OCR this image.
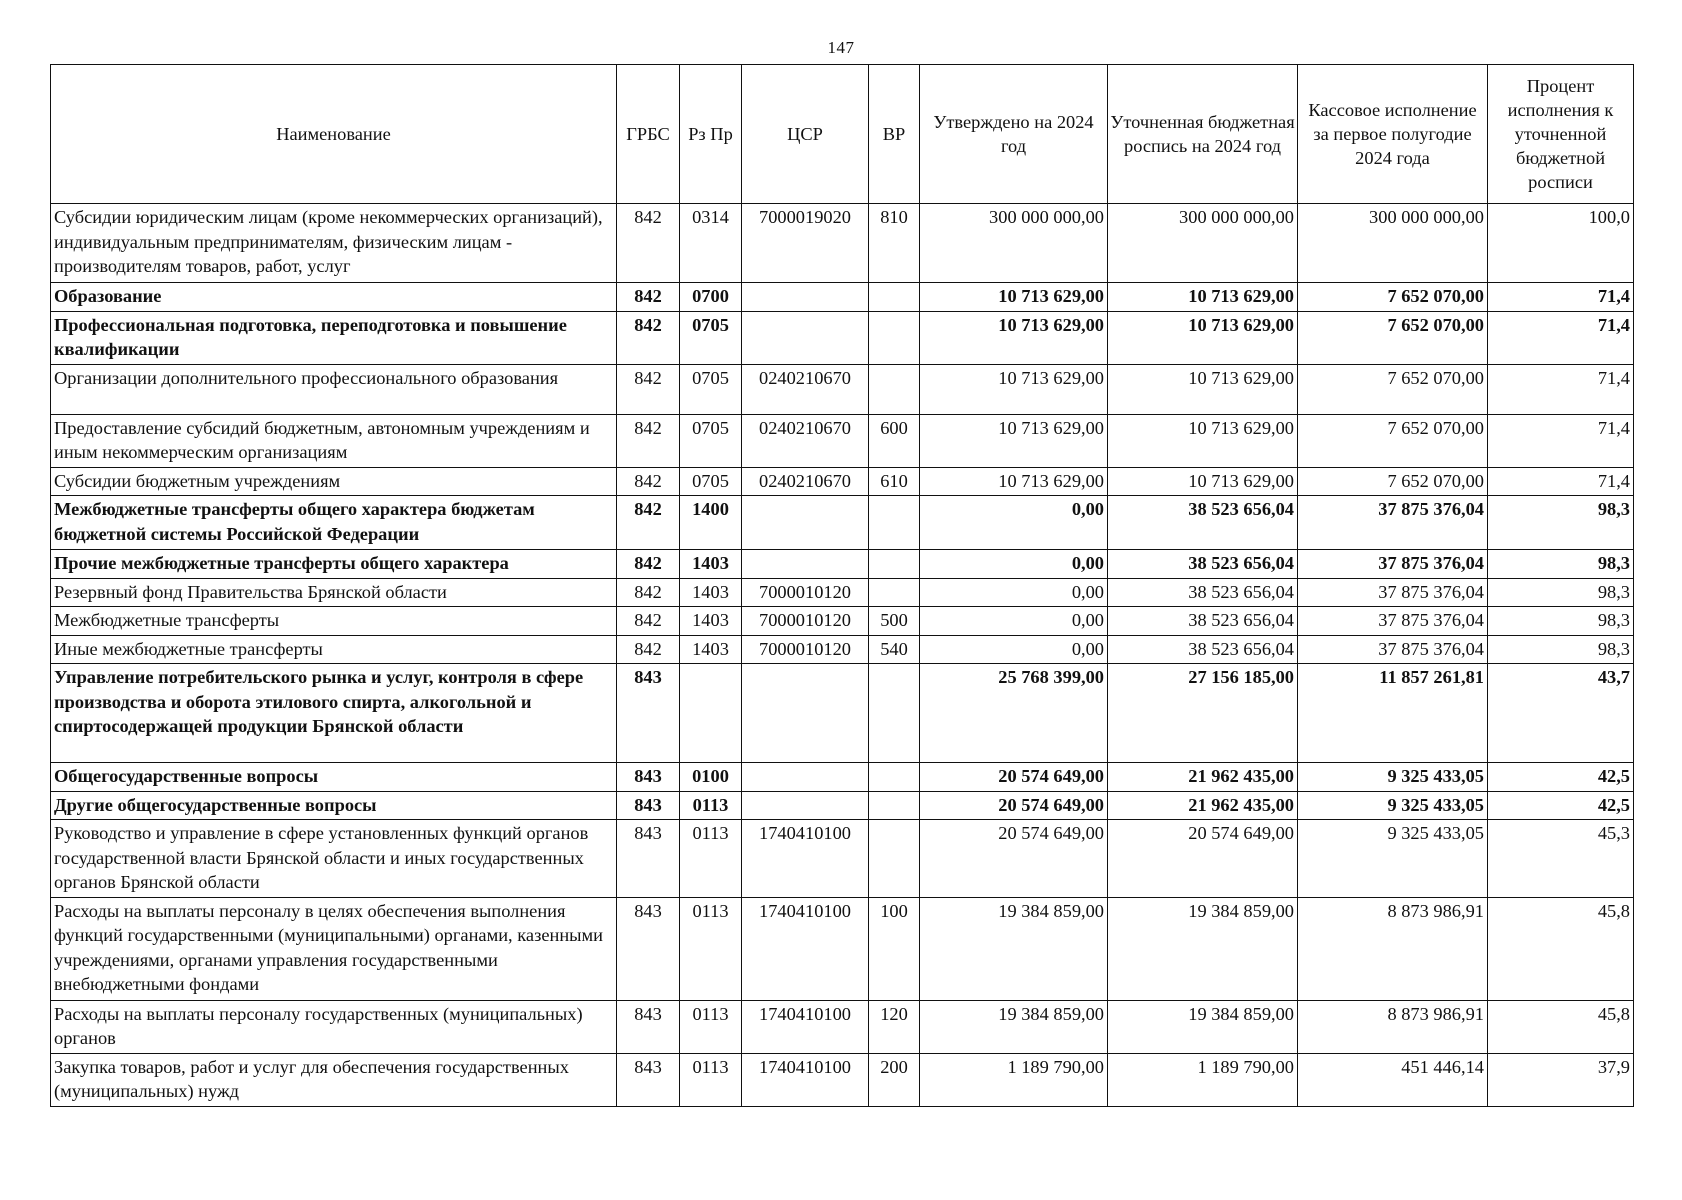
147
Наименование	ГРБС	Рз Пр	ЦСР	ВР	Утверждено на 2024 год	Уточненная бюджетная роспись на 2024 год	Кассовое исполнение за первое полугодие 2024 года	Процент исполнения к уточненной бюджетной росписи
Субсидии юридическим лицам (кроме некоммерческих организаций), индивидуальным предпринимателям, физическим лицам - производителям товаров, работ, услуг	842	0314	7000019020	810	300 000 000,00	300 000 000,00	300 000 000,00	100,0
Образование	842	0700			10 713 629,00	10 713 629,00	7 652 070,00	71,4
Профессиональная подготовка, переподготовка и повышение квалификации	842	0705			10 713 629,00	10 713 629,00	7 652 070,00	71,4
Организации дополнительного профессионального образования	842	0705	0240210670		10 713 629,00	10 713 629,00	7 652 070,00	71,4
Предоставление субсидий бюджетным, автономным учреждениям и иным некоммерческим организациям	842	0705	0240210670	600	10 713 629,00	10 713 629,00	7 652 070,00	71,4
Субсидии бюджетным учреждениям	842	0705	0240210670	610	10 713 629,00	10 713 629,00	7 652 070,00	71,4
Межбюджетные трансферты общего характера бюджетам бюджетной системы Российской Федерации	842	1400			0,00	38 523 656,04	37 875 376,04	98,3
Прочие межбюджетные трансферты общего характера	842	1403			0,00	38 523 656,04	37 875 376,04	98,3
Резервный фонд Правительства Брянской области	842	1403	7000010120		0,00	38 523 656,04	37 875 376,04	98,3
Межбюджетные трансферты	842	1403	7000010120	500	0,00	38 523 656,04	37 875 376,04	98,3
Иные межбюджетные трансферты	842	1403	7000010120	540	0,00	38 523 656,04	37 875 376,04	98,3
Управление потребительского рынка и услуг, контроля в сфере производства и оборота этилового спирта, алкогольной и спиртосодержащей продукции Брянской области	843				25 768 399,00	27 156 185,00	11 857 261,81	43,7
Общегосударственные вопросы	843	0100			20 574 649,00	21 962 435,00	9 325 433,05	42,5
Другие общегосударственные вопросы	843	0113			20 574 649,00	21 962 435,00	9 325 433,05	42,5
Руководство и управление в сфере установленных функций органов государственной власти Брянской области и иных государственных органов Брянской области	843	0113	1740410100		20 574 649,00	20 574 649,00	9 325 433,05	45,3
Расходы на выплаты персоналу в целях обеспечения выполнения функций государственными (муниципальными) органами, казенными учреждениями, органами управления государственными внебюджетными фондами	843	0113	1740410100	100	19 384 859,00	19 384 859,00	8 873 986,91	45,8
Расходы на выплаты персоналу государственных (муниципальных) органов	843	0113	1740410100	120	19 384 859,00	19 384 859,00	8 873 986,91	45,8
Закупка товаров, работ и услуг для обеспечения государственных (муниципальных) нужд	843	0113	1740410100	200	1 189 790,00	1 189 790,00	451 446,14	37,9
